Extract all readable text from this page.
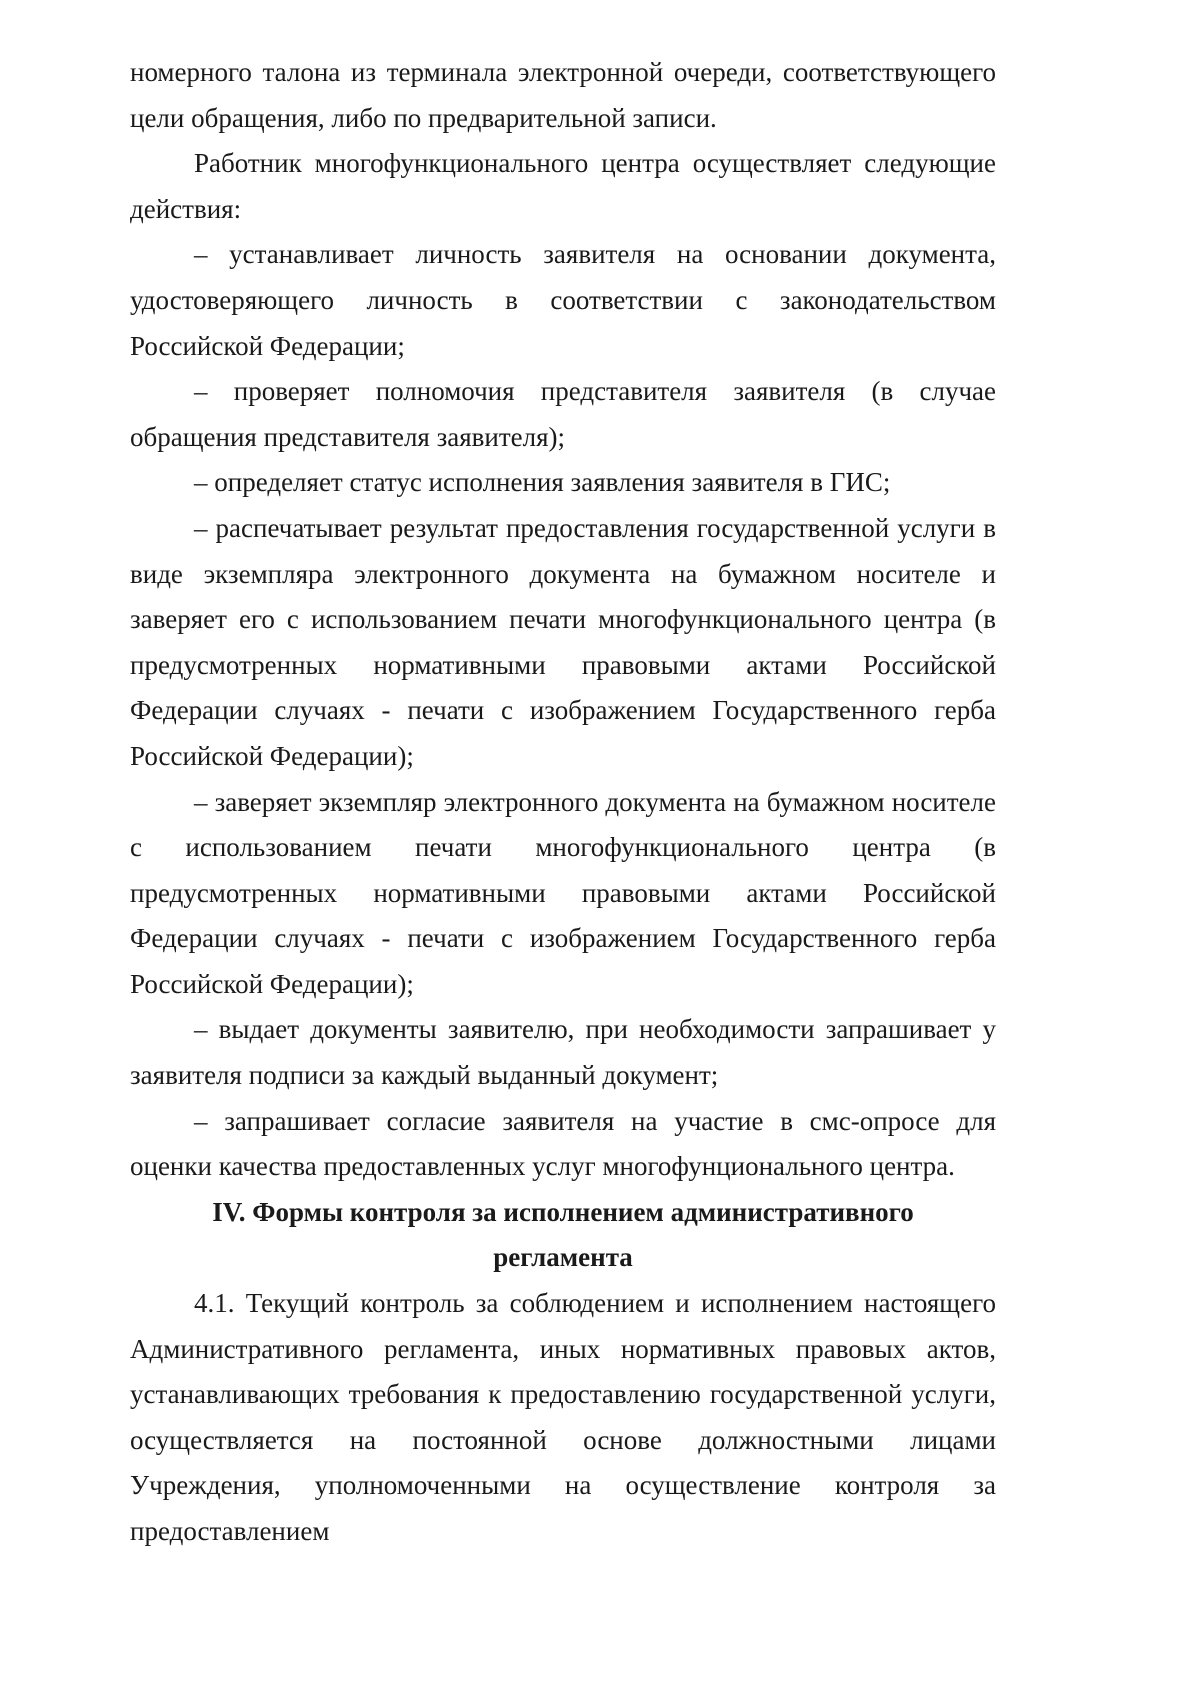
номерного талона из терминала электронной очереди, соответствующего цели обращения, либо по предварительной записи.

Работник многофункционального центра осуществляет следующие действия:

– устанавливает личность заявителя на основании документа, удостоверяющего личность в соответствии с законодательством Российской Федерации;

– проверяет полномочия представителя заявителя (в случае обращения представителя заявителя);

– определяет статус исполнения заявления заявителя в ГИС;

– распечатывает результат предоставления государственной услуги в виде экземпляра электронного документа на бумажном носителе и заверяет его с использованием печати многофункционального центра (в предусмотренных нормативными правовыми актами Российской Федерации случаях - печати с изображением Государственного герба Российской Федерации);

– заверяет экземпляр электронного документа на бумажном носителе с использованием печати многофункционального центра (в предусмотренных нормативными правовыми актами Российской Федерации случаях - печати с изображением Государственного герба Российской Федерации);

– выдает документы заявителю, при необходимости запрашивает у заявителя подписи за каждый выданный документ;

– запрашивает согласие заявителя на участие в смс-опросе для оценки качества предоставленных услуг многофунционального центра.

IV. Формы контроля за исполнением административного
регламента

4.1. Текущий контроль за соблюдением и исполнением настоящего Административного регламента, иных нормативных правовых актов, устанавливающих требования к предоставлению государственной услуги, осуществляется на постоянной основе должностными лицами Учреждения, уполномоченными на осуществление контроля за предоставлением
